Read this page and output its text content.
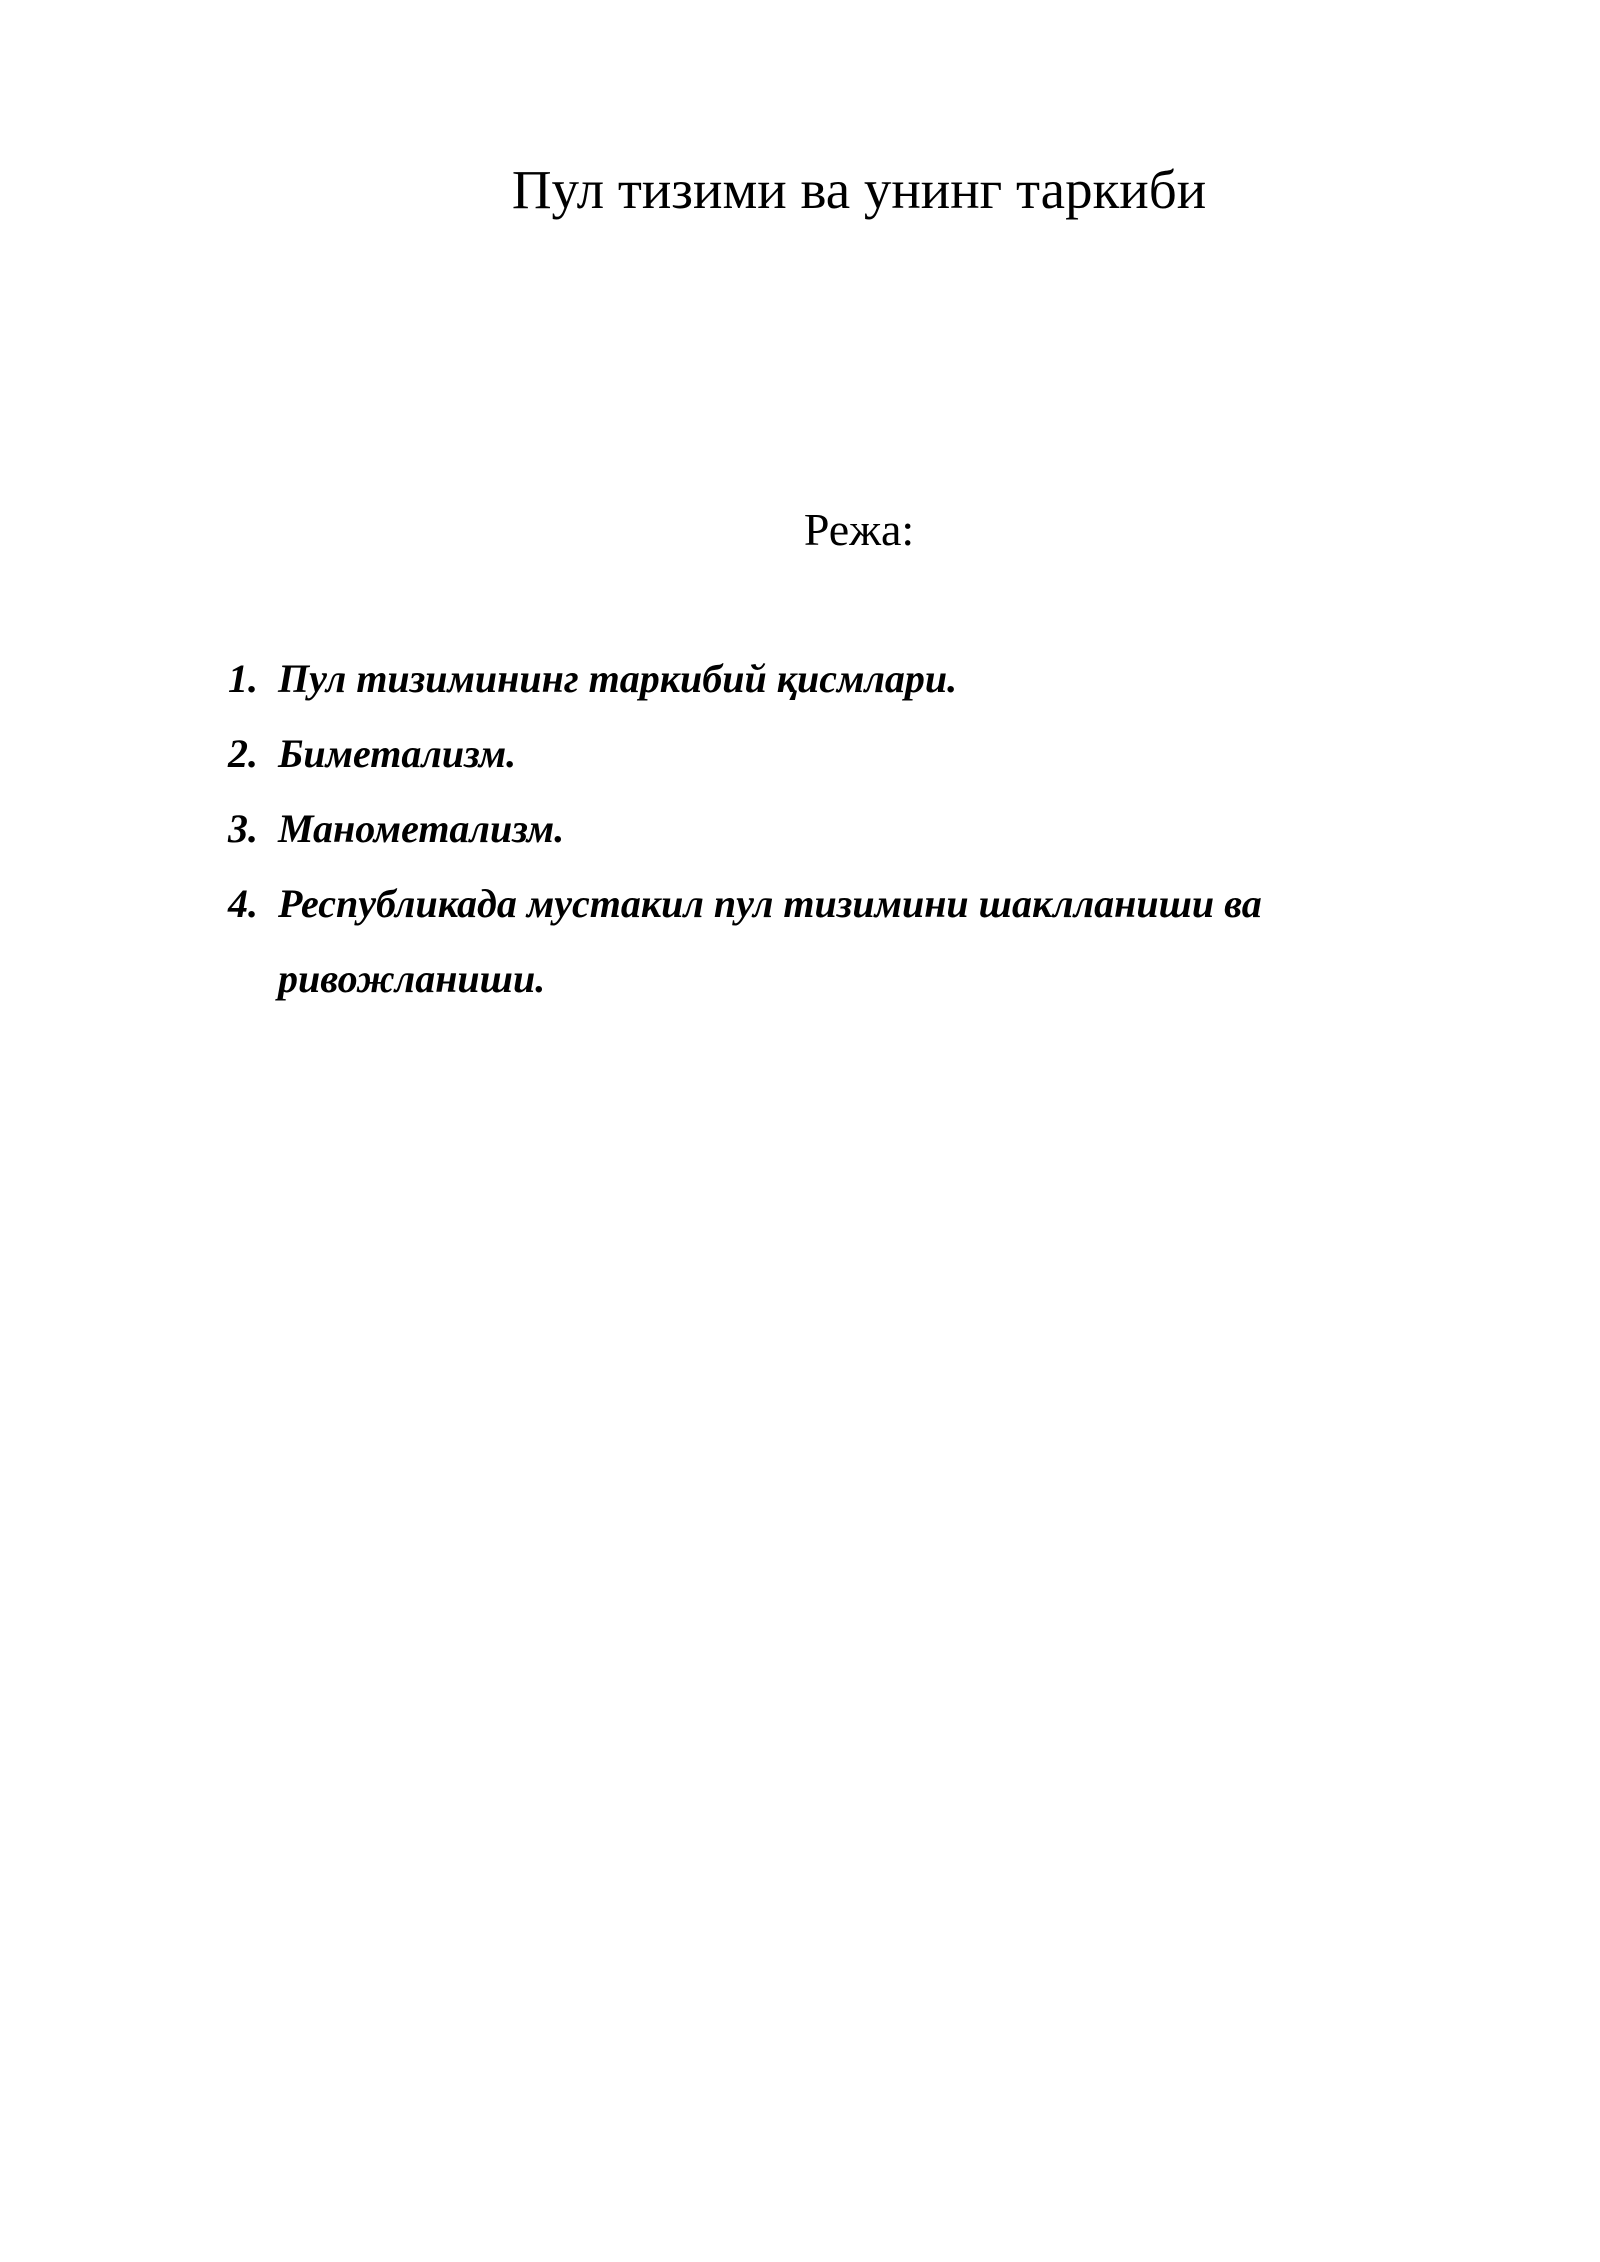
Пул тизими ва унинг таркиби
Режа:
1. Пул тизимининг таркибий қисмлари.
2. Биметализм.
3. Манометализм.
4. Республикада мустакил пул тизимини шаклланиши ва ривожланиши.
